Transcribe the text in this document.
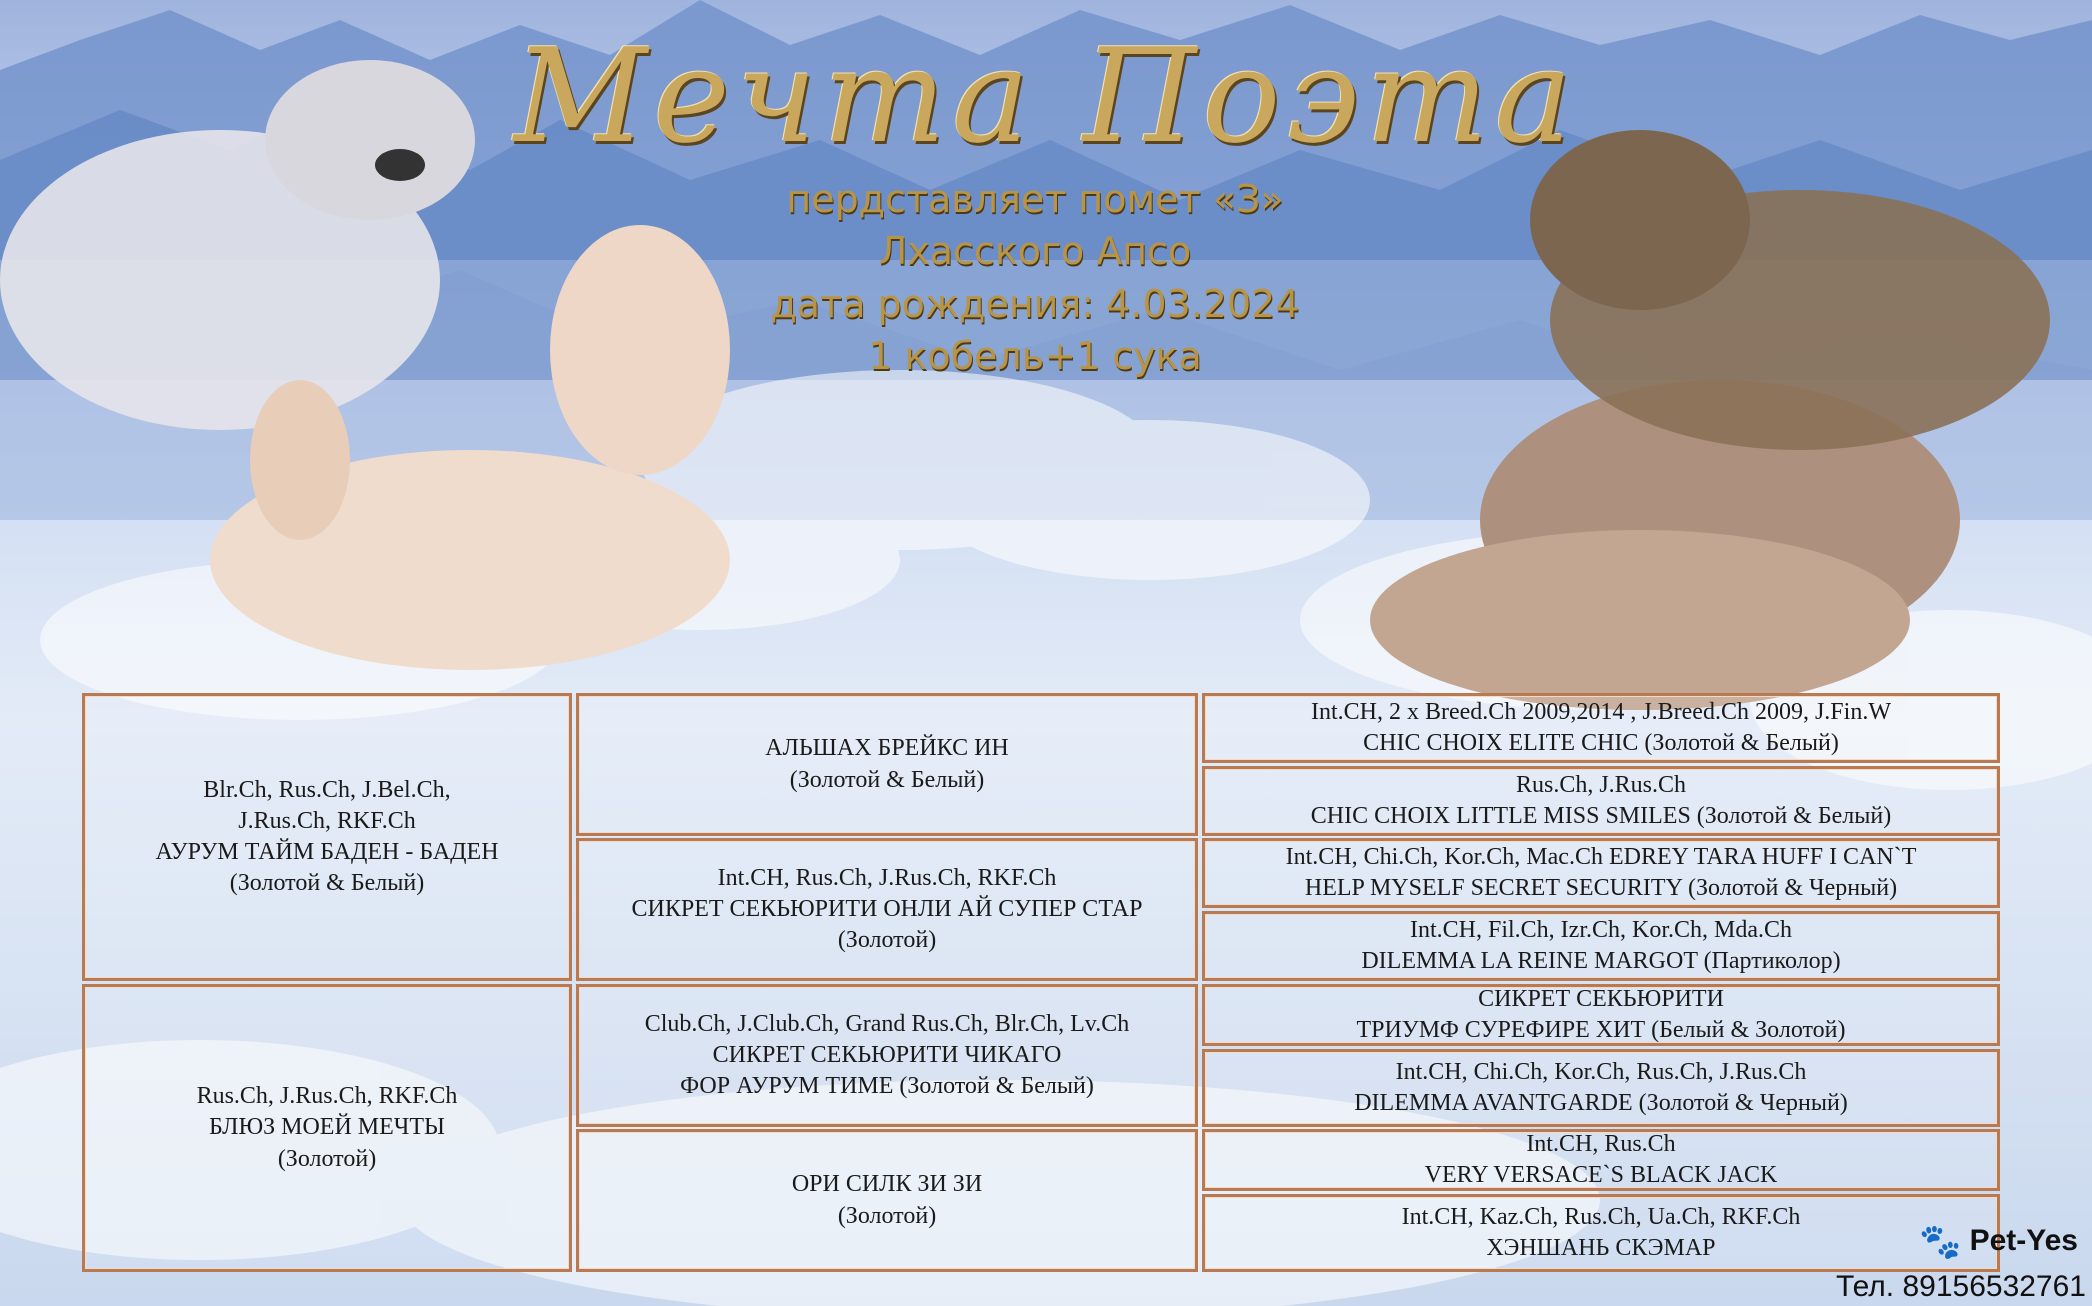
Мечта Поэта
пердставляет помет «З»
Лхасского Апсо
дата рождения: 4.03.2024
1 кобель+1 сука
Blr.Ch, Rus.Ch, J.Bel.Ch,
J.Rus.Ch, RKF.Ch
АУРУМ ТАЙМ БАДЕН - БАДЕН
(Золотой & Белый)
Rus.Ch, J.Rus.Ch, RKF.Ch
БЛЮЗ МОЕЙ МЕЧТЫ
(Золотой)
АЛЬШАХ БРЕЙКС ИН
(Золотой & Белый)
Int.CH, Rus.Ch, J.Rus.Ch, RKF.Ch
СИКРЕТ СЕКЬЮРИТИ ОНЛИ АЙ СУПЕР СТАР
(Золотой)
Club.Ch, J.Club.Ch, Grand Rus.Ch, Blr.Ch, Lv.Ch
СИКРЕТ СЕКЬЮРИТИ ЧИКАГО
ФОР АУРУМ ТИМЕ (Золотой & Белый)
ОРИ СИЛК ЗИ ЗИ
(Золотой)
Int.CH, 2 x Breed.Ch 2009,2014 , J.Breed.Ch 2009, J.Fin.W
CHIC CHOIX ELITE CHIC (Золотой & Белый)
Rus.Ch, J.Rus.Ch
CHIC CHOIX LITTLE MISS SMILES (Золотой & Белый)
Int.CH, Chi.Ch, Kor.Ch, Mac.Ch EDREY TARA HUFF I CAN`T
HELP MYSELF SECRET SECURITY (Золотой & Черный)
Int.CH, Fil.Ch, Izr.Ch, Kor.Ch, Mda.Ch
DILEMMA LA REINE MARGOT (Партиколор)
СИКРЕТ СЕКЬЮРИТИ
ТРИУМФ СУРЕФИРЕ ХИТ (Белый & Золотой)
Int.CH, Chi.Ch, Kor.Ch, Rus.Ch, J.Rus.Ch
DILEMMA AVANTGARDE (Золотой & Черный)
Int.CH, Rus.Ch
VERY VERSACE`S BLACK JACK
Int.CH, Kaz.Ch, Rus.Ch, Ua.Ch, RKF.Ch
ХЭНШАНЬ СКЭМАР	🐾 Pet-Yes
Тел. 89156532761
